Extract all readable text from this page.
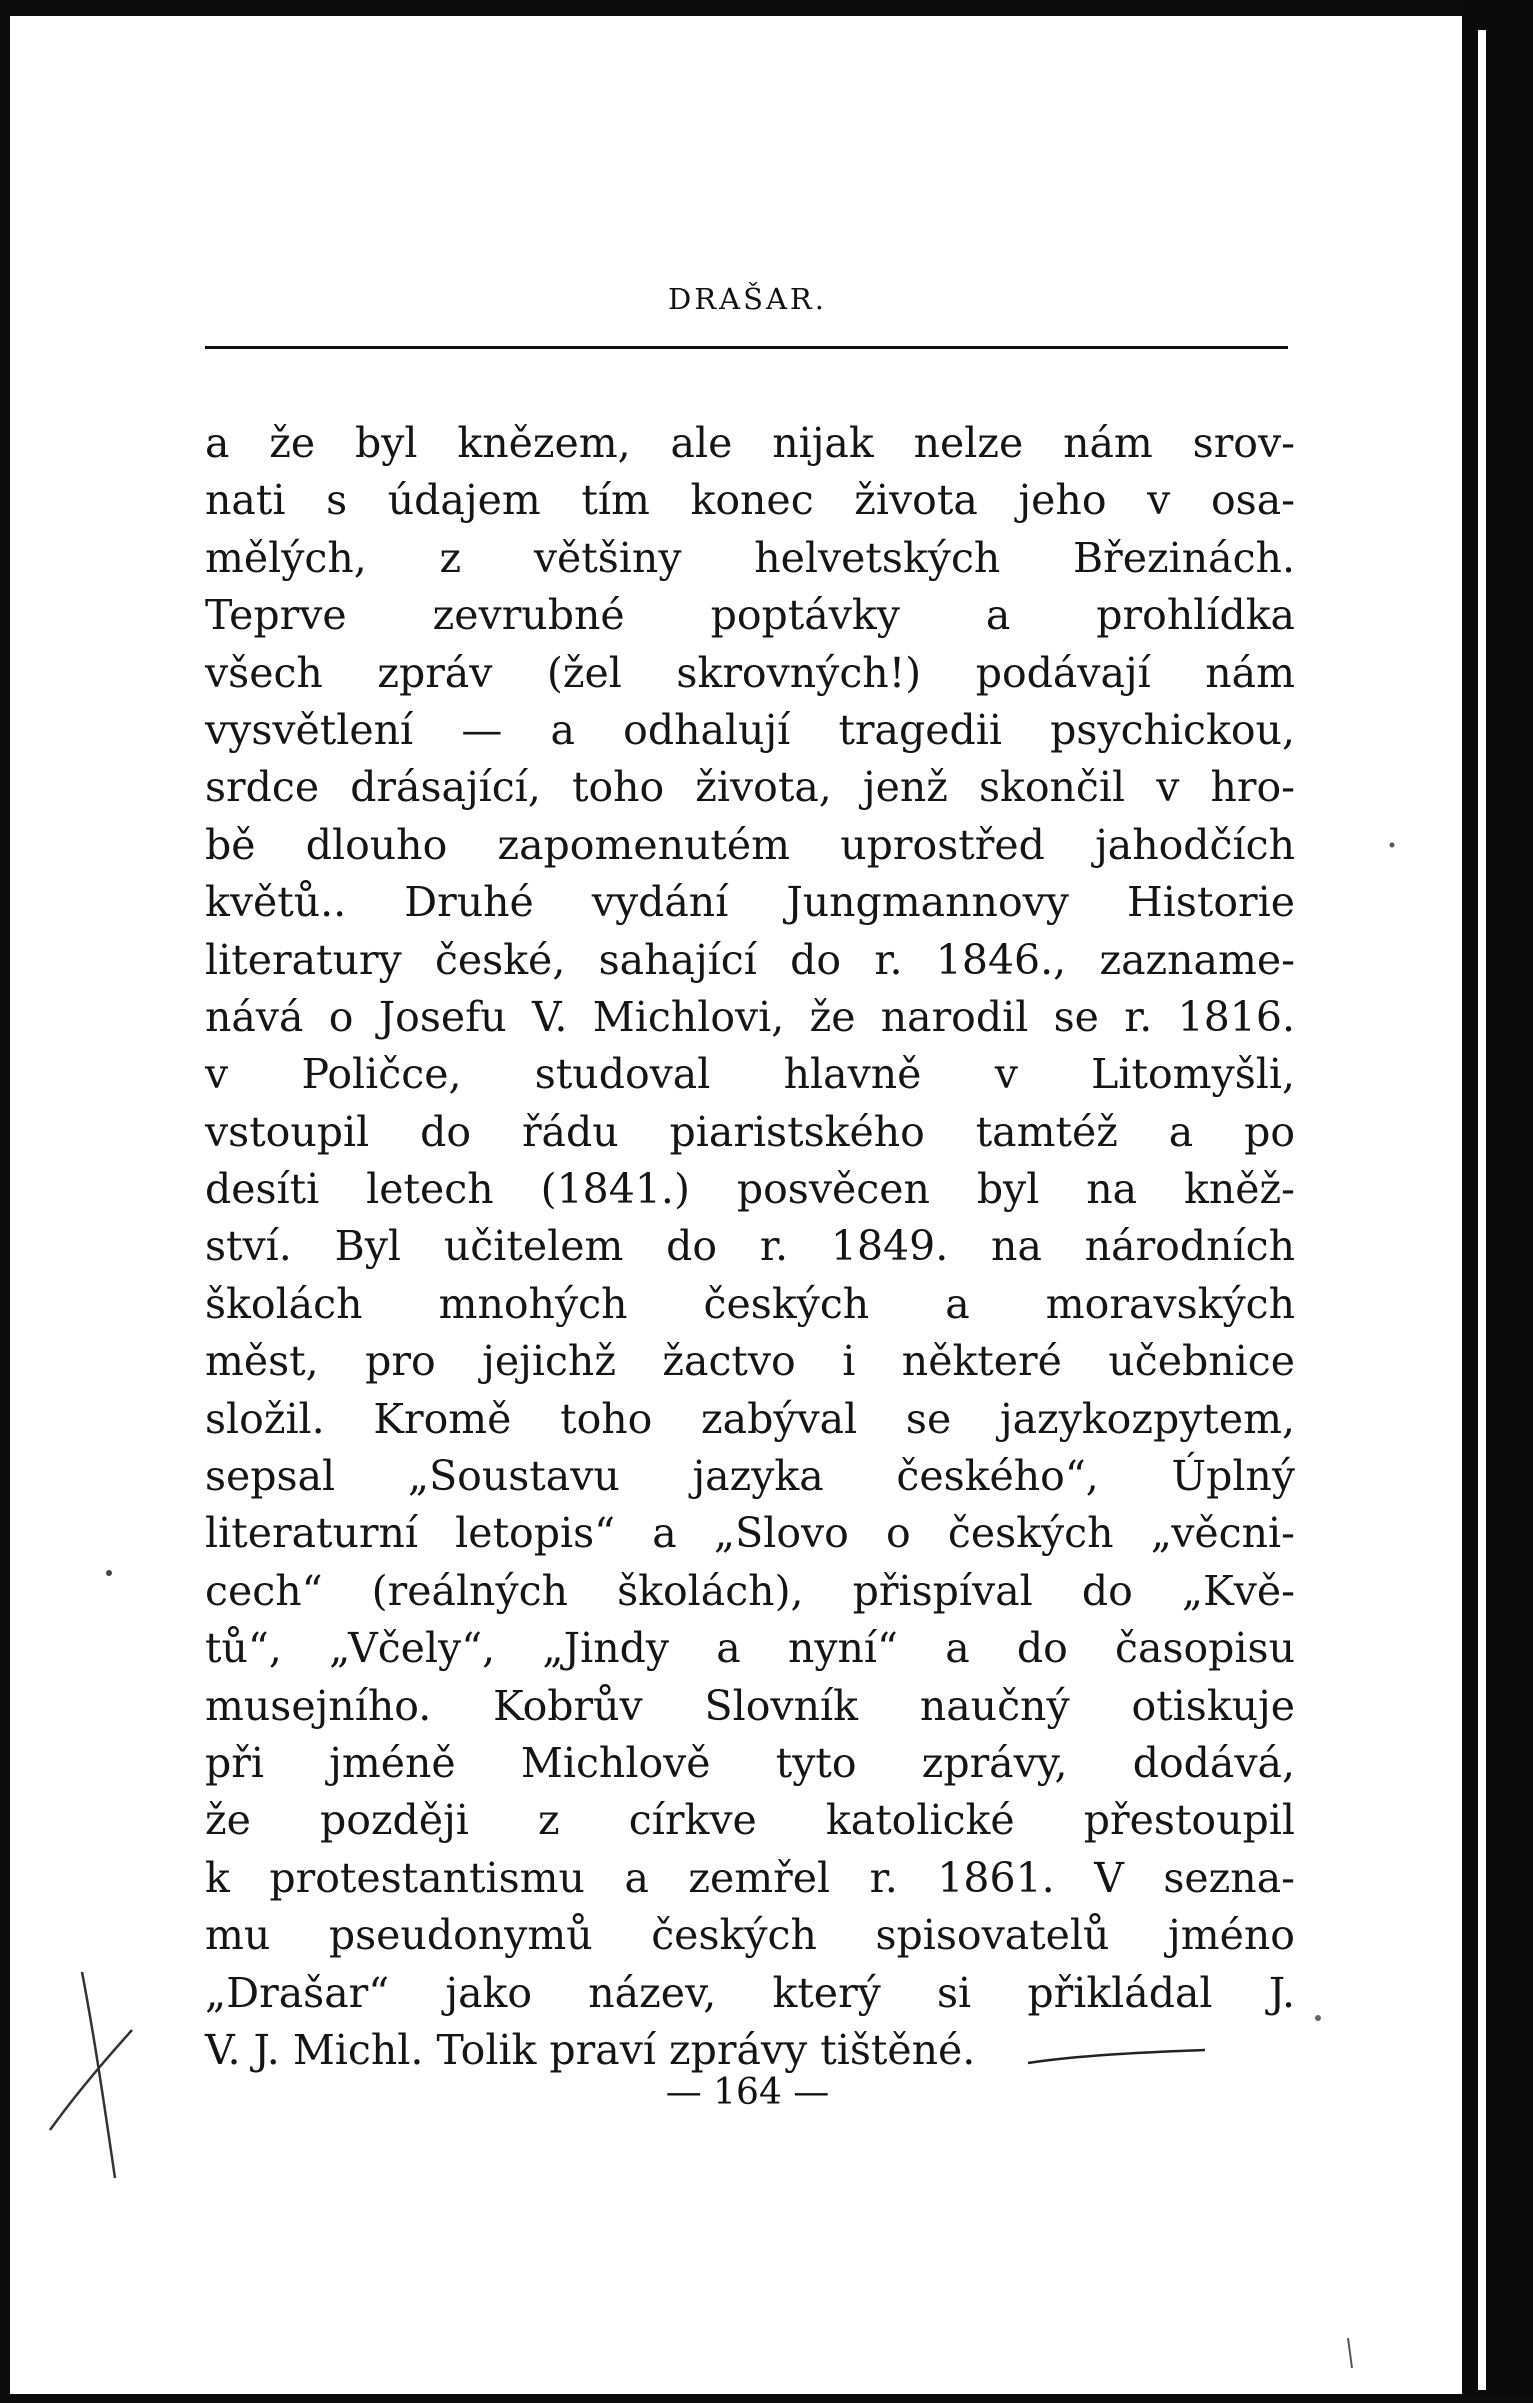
DRAŠAR.
a že byl knězem, ale nijak nelze nám srov-
nati s údajem tím konec života jeho v osa-
mělých, z většiny helvetských Březinách.
Teprve zevrubné poptávky a prohlídka
všech zpráv (žel skrovných!) podávají nám
vysvětlení — a odhalují tragedii psychickou,
srdce drásající, toho života, jenž skončil v hro-
bě dlouho zapomenutém uprostřed jahodčích
květů.. Druhé vydání Jungmannovy Historie
literatury české, sahající do r. 1846., zazname-
nává o Josefu V. Michlovi, že narodil se r. 1816.
v Poličce, studoval hlavně v Litomyšli,
vstoupil do řádu piaristského tamtéž a po
desíti letech (1841.) posvěcen byl na kněž-
ství. Byl učitelem do r. 1849. na národních
školách mnohých českých a moravských
měst, pro jejichž žactvo i některé učebnice
složil. Kromě toho zabýval se jazykozpytem,
sepsal „Soustavu jazyka českého“, Úplný
literaturní letopis“ a „Slovo o českých „věcni-
cech“ (reálných školách), přispíval do „Kvě-
tů“, „Včely“, „Jindy a nyní“ a do časopisu
musejního. Kobrův Slovník naučný otiskuje
při jméně Michlově tyto zprávy, dodává,
že později z církve katolické přestoupil
k protestantismu a zemřel r. 1861. V sezna-
mu pseudonymů českých spisovatelů jméno
„Drašar“ jako název, který si přikládal J.
V. J. Michl. Tolik praví zprávy tištěné.
— 164 —
